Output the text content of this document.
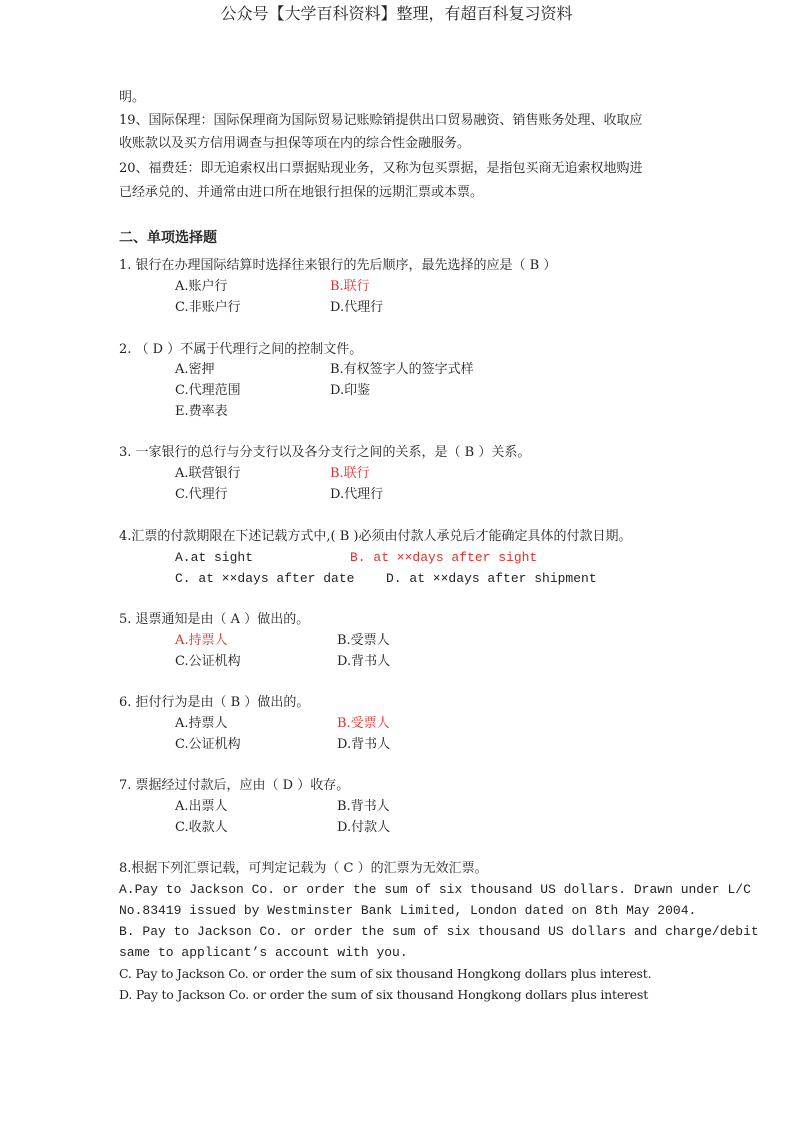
公众号【大学百科资料】整理，有超百科复习资料
明。
19、国际保理：国际保理商为国际贸易记账赊销提供出口贸易融资、销售账务处理、收取应
收账款以及买方信用调查与担保等项在内的综合性金融服务。
20、福费廷：即无追索权出口票据贴现业务，又称为包买票据，是指包买商无追索权地购进
已经承兑的、并通常由进口所在地银行担保的远期汇票或本票。
二、单项选择题
1. 银行在办理国际结算时选择往来银行的先后顺序，最先选择的应是（ B ）
A.账户行	B.联行
C.非账户行	D.代理行
2. （ D ）不属于代理行之间的控制文件。
A.密押	B.有权签字人的签字式样
C.代理范围	D.印鉴
E.费率表
3. 一家银行的总行与分支行以及各分支行之间的关系，是（ B ）关系。
A.联营银行	B.联行
C.代理行	D.代理行
4.汇票的付款期限在下述记载方式中,( B )必须由付款人承兑后才能确定具体的付款日期。
A.at sight	B. at ××days after sight
C. at ××days after date D. at ××days after shipment
5. 退票通知是由（ A ）做出的。
A.持票人	B.受票人
C.公证机构	D.背书人
6. 拒付行为是由（ B ）做出的。
A.持票人	B.受票人
C.公证机构	D.背书人
7. 票据经过付款后，应由（ D ）收存。
A.出票人	B.背书人
C.收款人	D.付款人
8.根据下列汇票记载，可判定记载为（ C ）的汇票为无效汇票。
A.Pay to Jackson Co. or order the sum of six thousand US dollars. Drawn under L/C
No.83419 issued by Westminster Bank Limited, London dated on 8th May 2004.
B. Pay to Jackson Co. or order the sum of six thousand US dollars and charge/debit
same to applicant’s account with you.
C. Pay to Jackson Co. or order the sum of six thousand Hongkong dollars plus interest.
D. Pay to Jackson Co. or order the sum of six thousand Hongkong dollars plus interest
